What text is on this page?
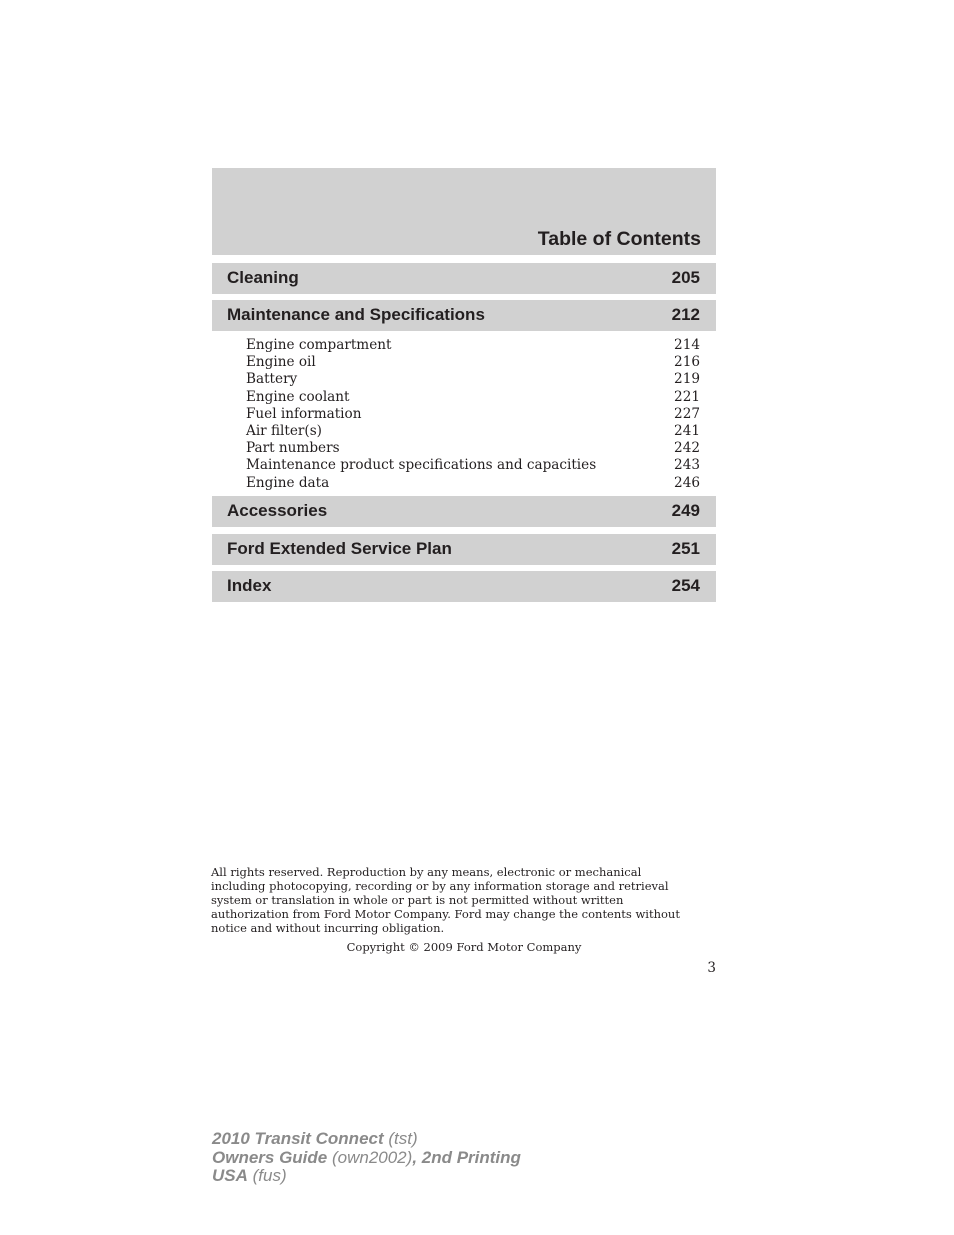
Table of Contents
Cleaning	205
Maintenance and Specifications	212
Engine compartment	214
Engine oil	216
Battery	219
Engine coolant	221
Fuel information	227
Air filter(s)	241
Part numbers	242
Maintenance product specifications and capacities	243
Engine data	246
Accessories	249
Ford Extended Service Plan	251
Index	254
All rights reserved. Reproduction by any means, electronic or mechanical
including photocopying, recording or by any information storage and retrieval
system or translation in whole or part is not permitted without written
authorization from Ford Motor Company. Ford may change the contents without
notice and without incurring obligation.
Copyright © 2009 Ford Motor Company
3
2010 Transit Connect (tst)
Owners Guide (own2002), 2nd Printing
USA (fus)
